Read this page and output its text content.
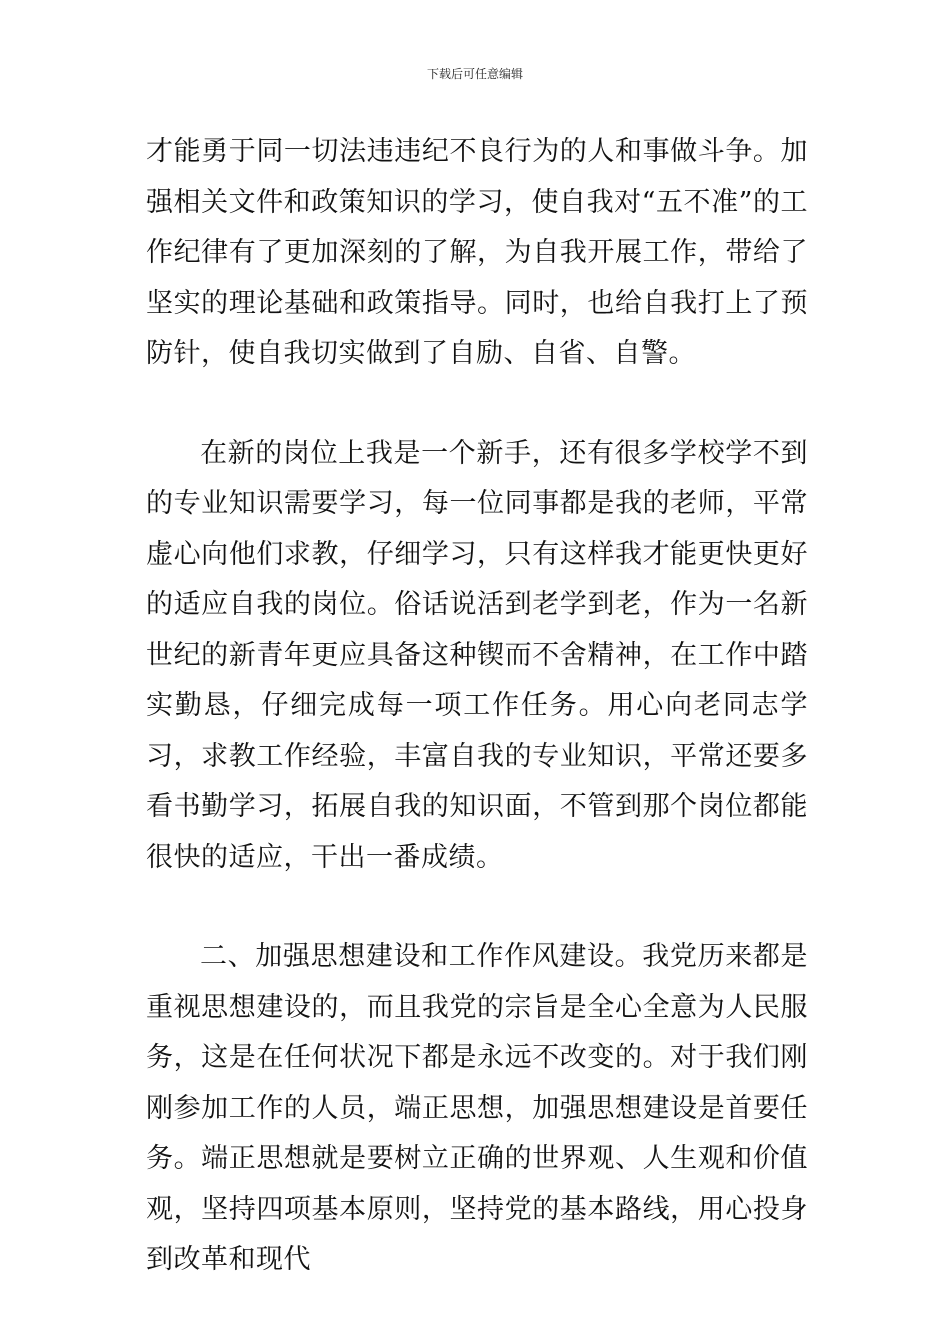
下载后可任意编辑

才能勇于同一切法违违纪不良行为的人和事做斗争。加强相关文件和政策知识的学习，使自我对“五不准”的工作纪律有了更加深刻的了解，为自我开展工作，带给了坚实的理论基础和政策指导。同时，也给自我打上了预防针，使自我切实做到了自励、自省、自警。

在新的岗位上我是一个新手，还有很多学校学不到的专业知识需要学习，每一位同事都是我的老师，平常虚心向他们求教，仔细学习，只有这样我才能更快更好的适应自我的岗位。俗话说活到老学到老，作为一名新世纪的新青年更应具备这种锲而不舍精神，在工作中踏实勤恳，仔细完成每一项工作任务。用心向老同志学习，求教工作经验，丰富自我的专业知识，平常还要多看书勤学习，拓展自我的知识面，不管到那个岗位都能很快的适应，干出一番成绩。

二、加强思想建设和工作作风建设。我党历来都是重视思想建设的，而且我党的宗旨是全心全意为人民服务，这是在任何状况下都是永远不改变的。对于我们刚刚参加工作的人员，端正思想，加强思想建设是首要任务。端正思想就是要树立正确的世界观、人生观和价值观，坚持四项基本原则，坚持党的基本路线，用心投身到改革和现代
